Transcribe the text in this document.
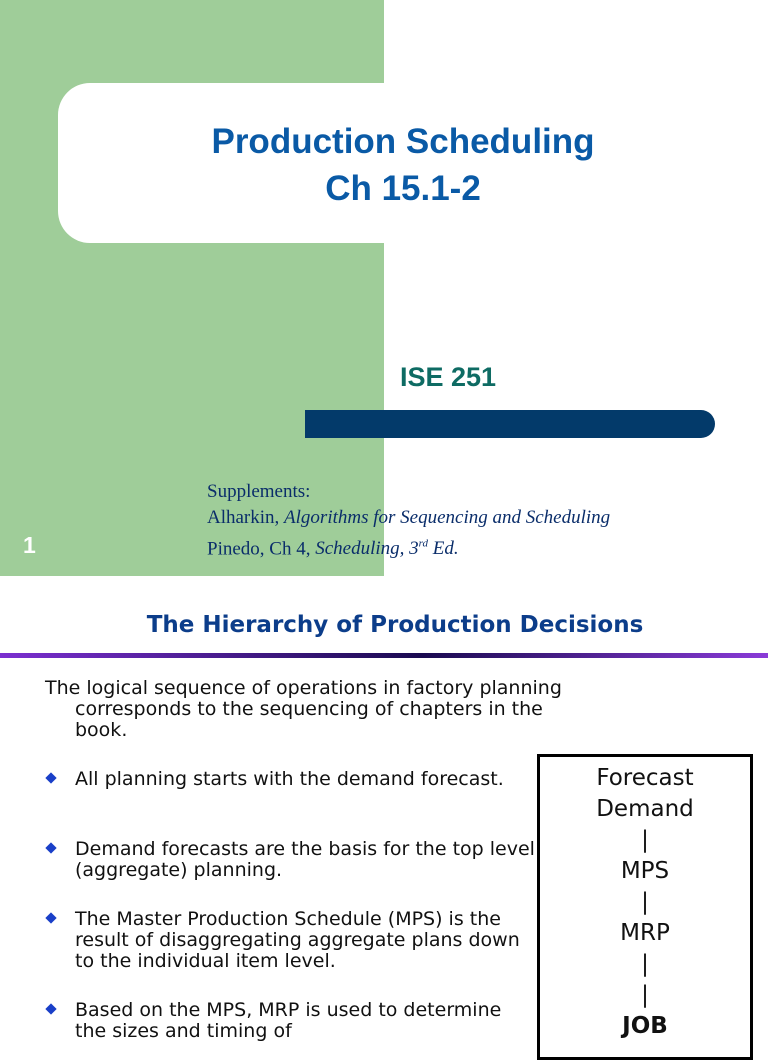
Production Scheduling
Ch 15.1-2
ISE 251
Supplements:
Alharkin, Algorithms for Sequencing and Scheduling
Pinedo, Ch 4, Scheduling, 3rd Ed.
1
The Hierarchy of Production Decisions
The logical sequence of operations in factory planning corresponds to the sequencing of chapters in the book.
All planning starts with the demand forecast.
Demand forecasts are the basis for the top level (aggregate) planning.
The Master Production Schedule (MPS) is the result of disaggregating aggregate plans down to the individual item level.
Based on the MPS, MRP is used to determine the sizes and timing of
Forecast
Demand
|
MPS
|
MRP
|
|
JOB
